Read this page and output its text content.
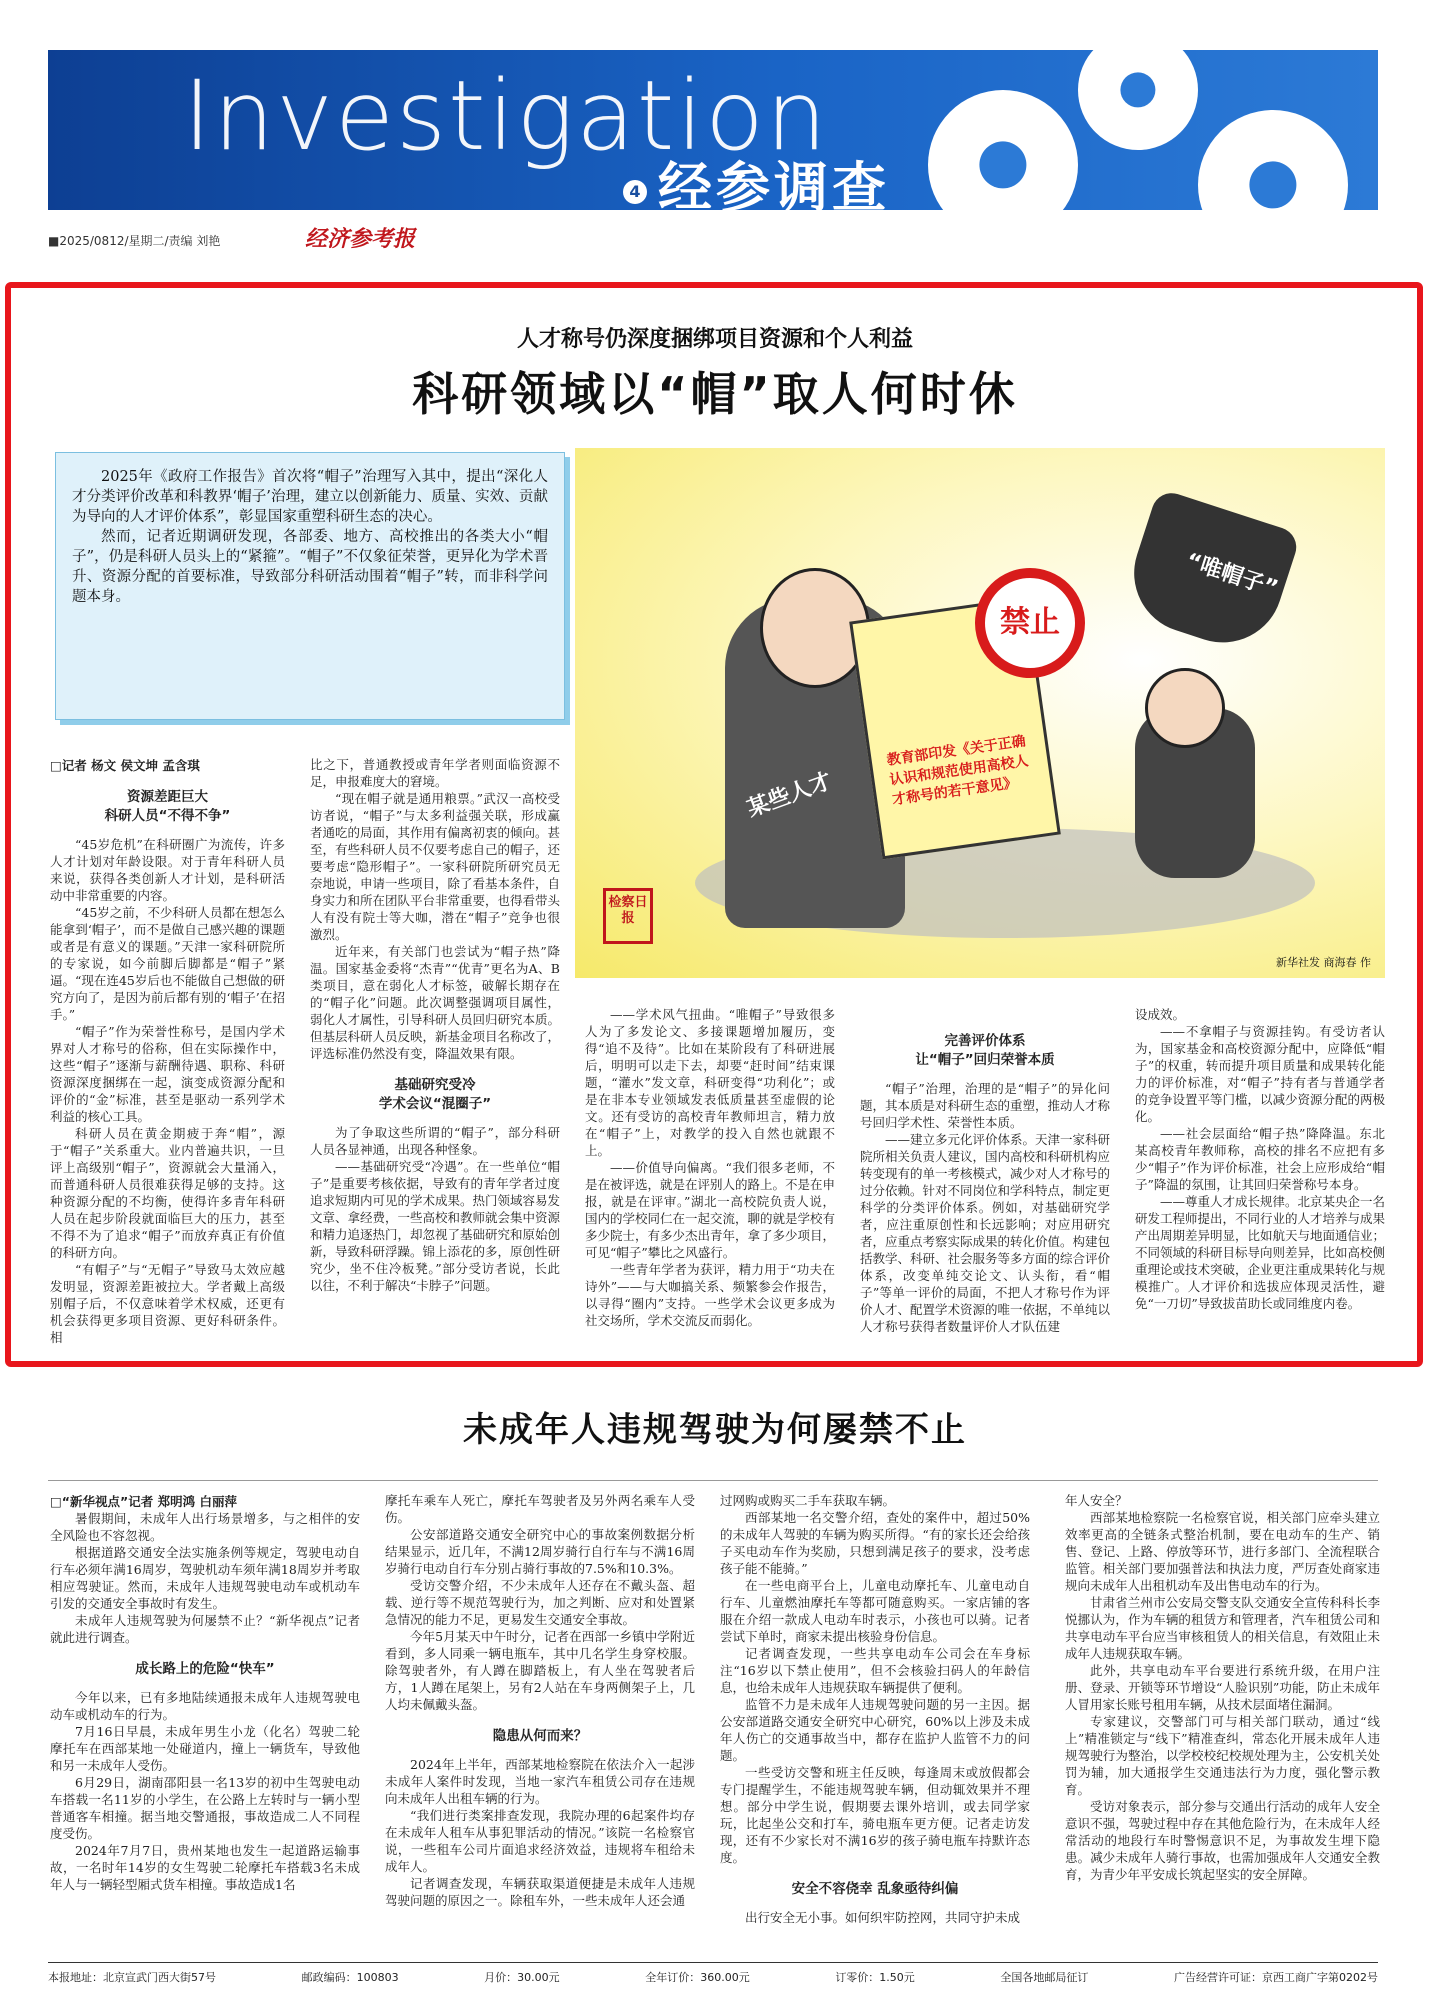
Investigation
4 经参调查
■2025/0812/星期二/责编 刘艳	经济参考报
人才称号仍深度捆绑项目资源和个人利益
科研领域以“帽”取人何时休

2025年《政府工作报告》首次将“帽子”治理写入其中，提出“深化人才分类评价改革和科教界‘帽子’治理，建立以创新能力、质量、实效、贡献为导向的人才评价体系”，彰显国家重塑科研生态的决心。

然而，记者近期调研发现，各部委、地方、高校推出的各类大小“帽子”，仍是科研人员头上的“紧箍”。“帽子”不仅象征荣誉，更异化为学术晋升、资源分配的首要标准，导致部分科研活动围着“帽子”转，而非科学问题本身。

某些人才
教育部印发《关于正确认识和规范使用高校人才称号的若干意见》
禁止
“唯帽子”
检察日报
新华社发 商海春 作
□记者 杨文 侯文坤 孟含琪
资源差距巨大
科研人员“不得不争”

“45岁危机”在科研圈广为流传，许多人才计划对年龄设限。对于青年科研人员来说，获得各类创新人才计划，是科研活动中非常重要的内容。

“45岁之前，不少科研人员都在想怎么能拿到‘帽子’，而不是做自己感兴趣的课题或者是有意义的课题。”天津一家科研院所的专家说，如今前脚后脚都是“帽子”紧逼。“现在连45岁后也不能做自己想做的研究方向了，是因为前后都有别的‘帽子’在招手。”

“帽子”作为荣誉性称号，是国内学术界对人才称号的俗称，但在实际操作中，这些“帽子”逐渐与薪酬待遇、职称、科研资源深度捆绑在一起，演变成资源分配和评价的“金”标准，甚至是驱动一系列学术利益的核心工具。

科研人员在黄金期疲于奔“帽”，源于“帽子”关系重大。业内普遍共识，一旦评上高级别“帽子”，资源就会大量涌入，而普通科研人员很难获得足够的支持。这种资源分配的不均衡，使得许多青年科研人员在起步阶段就面临巨大的压力，甚至不得不为了追求“帽子”而放弃真正有价值的科研方向。

“有帽子”与“无帽子”导致马太效应越发明显，资源差距被拉大。学者戴上高级别帽子后，不仅意味着学术权威，还更有机会获得更多项目资源、更好科研条件。相

比之下，普通教授或青年学者则面临资源不足，申报难度大的窘境。

“现在帽子就是通用粮票。”武汉一高校受访者说，“帽子”与太多利益强关联，形成赢者通吃的局面，其作用有偏离初衷的倾向。甚至，有些科研人员不仅要考虑自己的帽子，还要考虑“隐形帽子”。一家科研院所研究员无奈地说，申请一些项目，除了看基本条件，自身实力和所在团队平台非常重要，也得看带头人有没有院士等大咖，潜在“帽子”竞争也很激烈。

近年来，有关部门也尝试为“帽子热”降温。国家基金委将“杰青”“优青”更名为A、B类项目，意在弱化人才标签，破解长期存在的“帽子化”问题。此次调整强调项目属性，弱化人才属性，引导科研人员回归研究本质。但基层科研人员反映，新基金项目名称改了，评选标准仍然没有变，降温效果有限。

基础研究受冷
学术会议“混圈子”

为了争取这些所谓的“帽子”，部分科研人员各显神通，出现各种怪象。

——基础研究受“冷遇”。在一些单位“帽子”是重要考核依据，导致有的青年学者过度追求短期内可见的学术成果。热门领域容易发文章、拿经费，一些高校和教师就会集中资源和精力追逐热门，却忽视了基础研究和原始创新，导致科研浮躁。锦上添花的多，原创性研究少，坐不住冷板凳。”部分受访者说，长此以往，不利于解决“卡脖子”问题。

——学术风气扭曲。“唯帽子”导致很多人为了多发论文、多接课题增加履历，变得“追不及待”。比如在某阶段有了科研进展后，明明可以走下去，却要“赶时间”结束课题，“灌水”发文章，科研变得“功利化”；或是在非本专业领域发表低质量甚至虚假的论文。还有受访的高校青年教师坦言，精力放在“帽子”上，对教学的投入自然也就跟不上。

——价值导向偏离。“我们很多老师，不是在被评选，就是在评别人的路上。不是在申报，就是在评审。”湖北一高校院负责人说，国内的学校同仁在一起交流，聊的就是学校有多少院士，有多少杰出青年，拿了多少项目，可见“帽子”攀比之风盛行。

一些青年学者为获评，精力用于“功夫在诗外”——与大咖搞关系、频繁参会作报告，以寻得“圈内”支持。一些学术会议更多成为社交场所，学术交流反而弱化。

完善评价体系
让“帽子”回归荣誉本质

“帽子”治理，治理的是“帽子”的异化问题，其本质是对科研生态的重塑，推动人才称号回归学术性、荣誉性本质。

——建立多元化评价体系。天津一家科研院所相关负责人建议，国内高校和科研机构应转变现有的单一考核模式，减少对人才称号的过分依赖。针对不同岗位和学科特点，制定更科学的分类评价体系。例如，对基础研究学者，应注重原创性和长远影响；对应用研究者，应重点考察实际成果的转化价值。构建包括教学、科研、社会服务等多方面的综合评价体系，改变单纯交论文、认头衔，看“帽子”等单一评价的局面，不把人才称号作为评价人才、配置学术资源的唯一依据，不单纯以人才称号获得者数量评价人才队伍建

设成效。

——不拿帽子与资源挂钩。有受访者认为，国家基金和高校资源分配中，应降低“帽子”的权重，转而提升项目质量和成果转化能力的评价标准，对“帽子”持有者与普通学者的竞争设置平等门槛，以减少资源分配的两极化。

——社会层面给“帽子热”降降温。东北某高校青年教师称，高校的排名不应把有多少“帽子”作为评价标准，社会上应形成给“帽子”降温的氛围，让其回归荣誉称号本身。

——尊重人才成长规律。北京某央企一名研发工程师提出，不同行业的人才培养与成果产出周期差异明显，比如航天与地面通信业；不同领域的科研目标导向则差异，比如高校侧重理论或技术突破，企业更注重成果转化与规模推广。人才评价和选拔应体现灵活性，避免“一刀切”导致拔苗助长或同维度内卷。

未成年人违规驾驶为何屡禁不止
□“新华视点”记者 郑明鸿 白丽萍

暑假期间，未成年人出行场景增多，与之相伴的安全风险也不容忽视。

根据道路交通安全法实施条例等规定，驾驶电动自行车必须年满16周岁，驾驶机动车须年满18周岁并考取相应驾驶证。然而，未成年人违规驾驶电动车或机动车引发的交通安全事故时有发生。

未成年人违规驾驶为何屡禁不止？“新华视点”记者就此进行调查。

成长路上的危险“快车”

今年以来，已有多地陆续通报未成年人违规驾驶电动车或机动车的行为。

7月16日早晨，未成年男生小龙（化名）驾驶二轮摩托车在西部某地一处碰道内，撞上一辆货车，导致他和另一未成年人受伤。

6月29日，湖南邵阳县一名13岁的初中生驾驶电动车搭载一名11岁的小学生，在公路上左转时与一辆小型普通客车相撞。据当地交警通报，事故造成二人不同程度受伤。

2024年7月7日，贵州某地也发生一起道路运输事故，一名时年14岁的女生驾驶二轮摩托车搭载3名未成年人与一辆轻型厢式货车相撞。事故造成1名

摩托车乘车人死亡，摩托车驾驶者及另外两名乘车人受伤。

公安部道路交通安全研究中心的事故案例数据分析结果显示，近几年，不满12周岁骑行自行车与不满16周岁骑行电动自行车分别占骑行事故的7.5%和10.3%。

受访交警介绍，不少未成年人还存在不戴头盔、超载、逆行等不规范驾驶行为，加之判断、应对和处置紧急情况的能力不足，更易发生交通安全事故。

今年5月某天中午时分，记者在西部一乡镇中学附近看到，多人同乘一辆电瓶车，其中几名学生身穿校服。除驾驶者外，有人蹲在脚踏板上，有人坐在驾驶者后方，1人蹲在尾架上，另有2人站在车身两侧架子上，几人均未佩戴头盔。

隐患从何而来？

2024年上半年，西部某地检察院在依法介入一起涉未成年人案件时发现，当地一家汽车租赁公司存在违规向未成年人出租车辆的行为。

“我们进行类案排查发现，我院办理的6起案件均存在未成年人租车从事犯罪活动的情况。”该院一名检察官说，一些租车公司片面追求经济效益，违规将车租给未成年人。

记者调查发现，车辆获取渠道便捷是未成年人违规驾驶问题的原因之一。除租车外，一些未成年人还会通

过网购或购买二手车获取车辆。

西部某地一名交警介绍，查处的案件中，超过50%的未成年人驾驶的车辆为购买所得。“有的家长还会给孩子买电动车作为奖励，只想到满足孩子的要求，没考虑孩子能不能骑。”

在一些电商平台上，儿童电动摩托车、儿童电动自行车、儿童燃油摩托车等都可随意购买。一家店铺的客服在介绍一款成人电动车时表示，小孩也可以骑。记者尝试下单时，商家未提出核验身份信息。

记者调查发现，一些共享电动车公司会在车身标注“16岁以下禁止使用”，但不会核验扫码人的年龄信息，也给未成年人违规获取车辆提供了便利。

监管不力是未成年人违规驾驶问题的另一主因。据公安部道路交通安全研究中心研究，60%以上涉及未成年人伤亡的交通事故当中，都存在监护人监管不力的问题。

一些受访交警和班主任反映，每逢周末或放假都会专门提醒学生，不能违规驾驶车辆，但动辄效果并不理想。部分中学生说，假期要去课外培训，或去同学家玩，比起坐公交和打车，骑电瓶车更方便。记者走访发现，还有不少家长对不满16岁的孩子骑电瓶车持默许态度。

安全不容侥幸 乱象亟待纠偏

出行安全无小事。如何织牢防控网，共同守护未成

年人安全？

西部某地检察院一名检察官说，相关部门应牵头建立效率更高的全链条式整治机制，要在电动车的生产、销售、登记、上路、停放等环节，进行多部门、全流程联合监管。相关部门要加强普法和执法力度，严厉查处商家违规向未成年人出租机动车及出售电动车的行为。

甘肃省兰州市公安局交警支队交通安全宣传科科长李悦挪认为，作为车辆的租赁方和管理者，汽车租赁公司和共享电动车平台应当审核租赁人的相关信息，有效阻止未成年人违规获取车辆。

此外，共享电动车平台要进行系统升级，在用户注册、登录、开锁等环节增设“人脸识别”功能，防止未成年人冒用家长账号租用车辆，从技术层面堵住漏洞。

专家建议，交警部门可与相关部门联动，通过“线上”精准锁定与“线下”精准查纠，常态化开展未成年人违规驾驶行为整治，以学校校纪校规处理为主，公安机关处罚为辅，加大通报学生交通违法行为力度，强化警示教育。

受访对象表示，部分参与交通出行活动的成年人安全意识不强，驾驶过程中存在其他危险行为，在未成年人经常活动的地段行车时警惕意识不足，为事故发生埋下隐患。减少未成年人骑行事故，也需加强成年人交通安全教育，为青少年平安成长筑起坚实的安全屏障。

本报地址：北京宣武门西大街57号	邮政编码：100803	月价：30.00元	全年订价：360.00元	订零价：1.50元	全国各地邮局征订	广告经营许可证：京西工商广字第0202号
